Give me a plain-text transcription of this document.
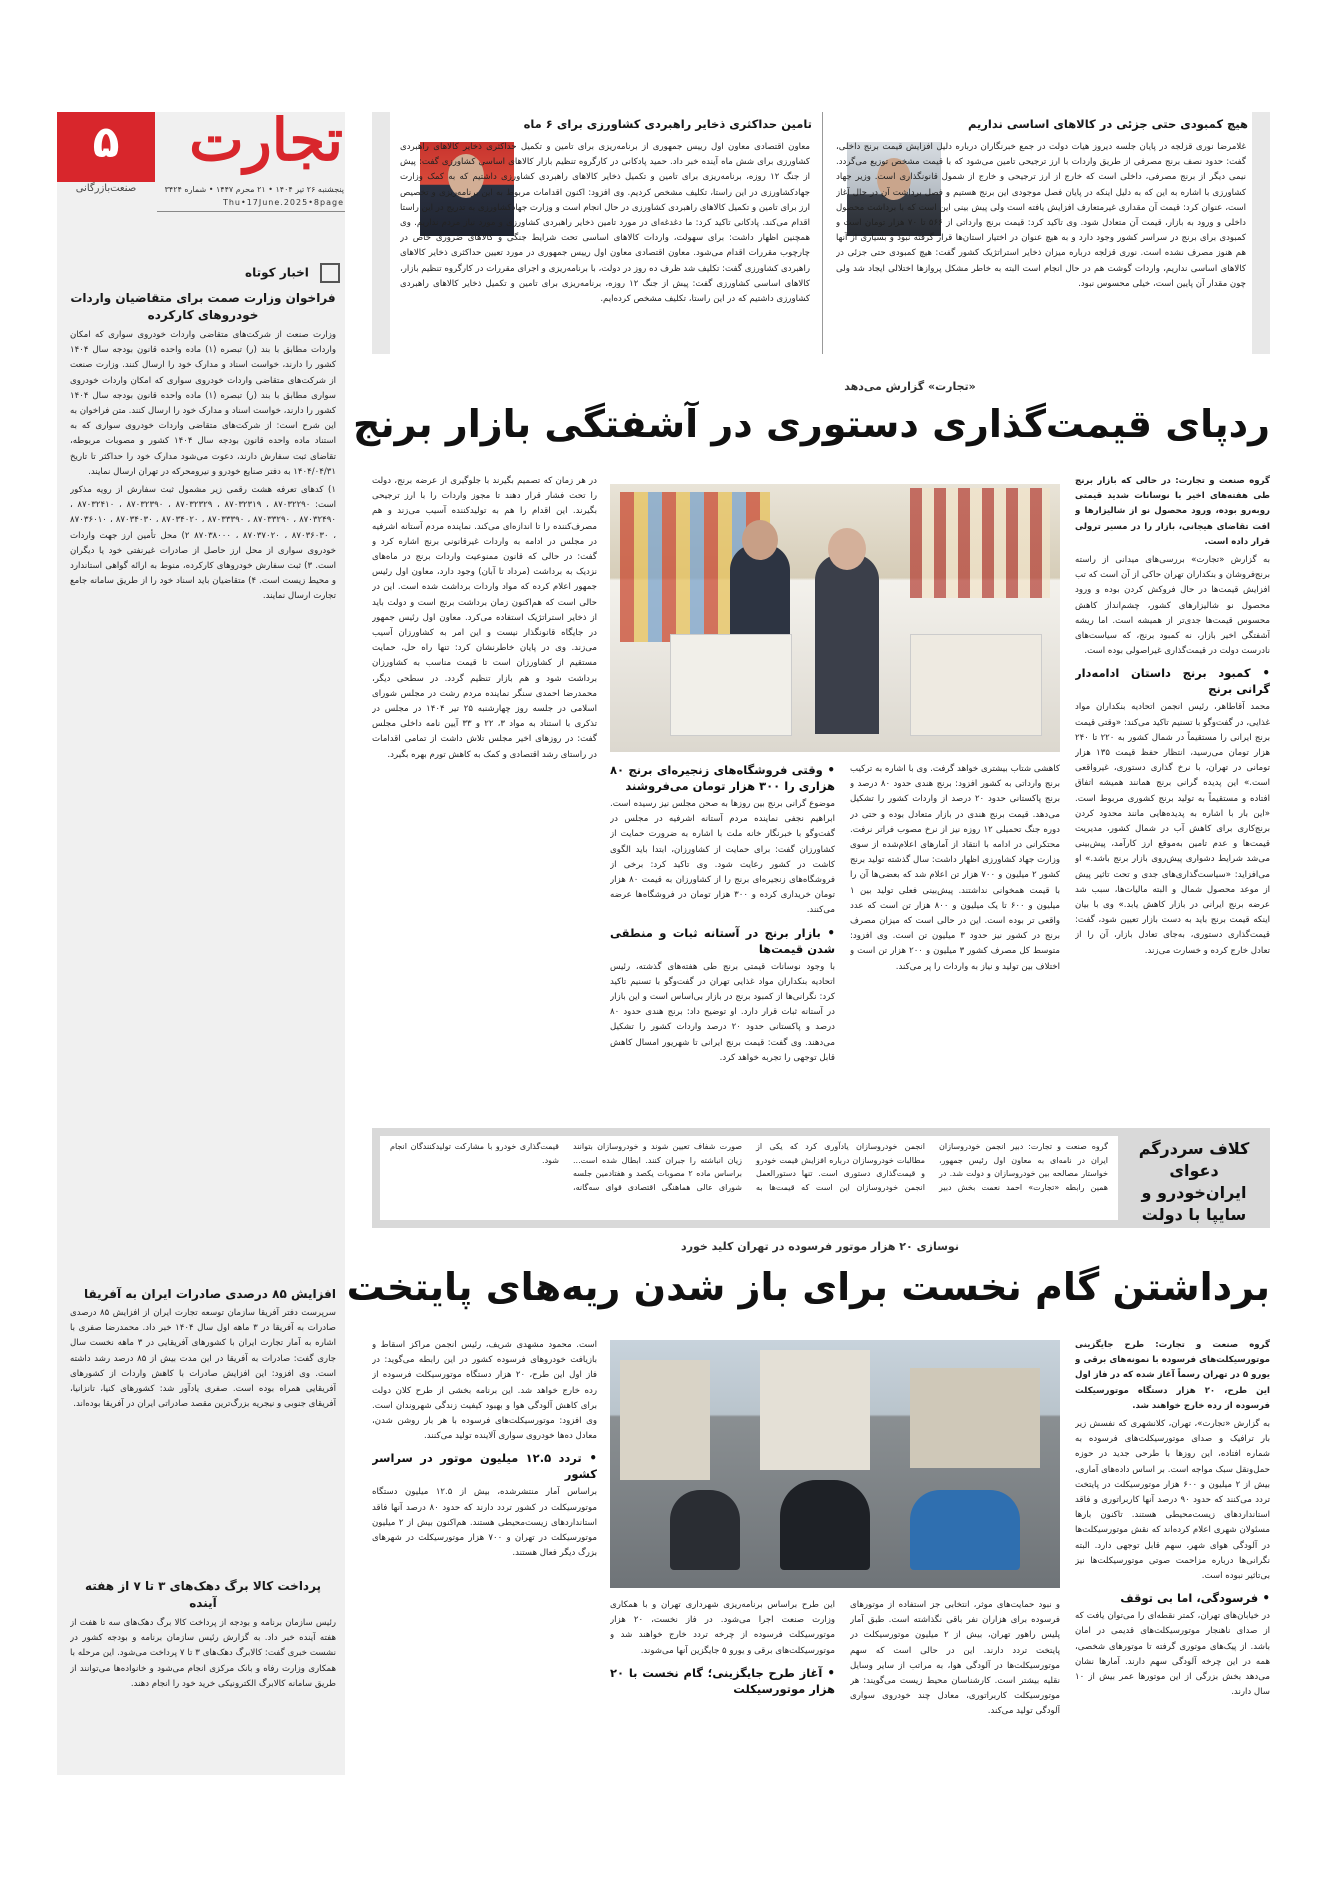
۵
صنعت‌بازرگانی
تجارت
پنجشنبه ۲۶ تیر ۱۴۰۴ • ۲۱ محرم ۱۴۴۷ • شماره ۳۴۲۴
Thu•17June.2025•8page
اخبار کوتاه
فراخوان وزارت صمت برای متقاضیان واردات خودروهای کارکرده

وزارت صنعت از شرکت‌های متقاضی واردات خودروی سواری که امکان واردات مطابق با بند (ر) تبصره (۱) ماده واحده قانون بودجه سال ۱۴۰۴ کشور را دارند، خواست اسناد و مدارک خود را ارسال کنند. وزارت صنعت از شرکت‌های متقاضی واردات خودروی سواری که امکان واردات خودروی سواری مطابق با بند (ر) تبصره (۱) ماده واحده قانون بودجه سال ۱۴۰۴ کشور را دارند، خواست اسناد و مدارک خود را ارسال کنند. متن فراخوان به این شرح است: از شرکت‌های متقاضی واردات خودروی سواری که به استناد ماده واحده قانون بودجه سال ۱۴۰۴ کشور و مصوبات مربوطه، تقاضای ثبت سفارش دارند، دعوت می‌شود مدارک خود را حداکثر تا تاریخ ۱۴۰۴/۰۴/۳۱ به دفتر صنایع خودرو و نیرومحرکه در تهران ارسال نمایند.

۱) کد‌های تعرفه هشت رقمی زیر مشمول ثبت سفارش از رویه مذکور است: ۸۷۰۳۲۲۹۰ ، ۸۷۰۳۲۳۱۹ ، ۸۷۰۳۲۳۲۹ ، ۸۷۰۳۲۳۹۰ ، ۸۷۰۳۲۴۱۰ ، ۸۷۰۳۲۴۹۰ ، ۸۷۰۳۳۲۹۰ ، ۸۷۰۳۳۳۹۰ ، ۸۷۰۳۴۰۲۰ ، ۸۷۰۳۴۰۳۰ ، ۸۷۰۳۶۰۱۰ ، ۸۷۰۳۶۰۳۰ ، ۸۷۰۳۷۰۲۰ ، ۸۷۰۳۸۰۰۰ ۲) محل تأمین ارز جهت واردات خودروی سواری از محل ارز حاصل از صادرات غیرنفتی خود یا دیگران است. ۳) ثبت سفارش خودروهای کارکرده، منوط به ارائه گواهی استاندارد و محیط زیست است. ۴) متقاضیان باید اسناد خود را از طریق سامانه جامع تجارت ارسال نمایند.

افزایش ۸۵ درصدی صادرات ایران به آفریقا
سرپرست دفتر آفریقا سازمان توسعه تجارت ایران از افزایش ۸۵ درصدی صادرات به آفریقا در ۳ ماهه اول سال ۱۴۰۴ خبر داد. محمدرضا صفری با اشاره به آمار تجارت ایران با کشورهای آفریقایی در ۳ ماهه نخست سال جاری گفت: صادرات به آفریقا در این مدت بیش از ۸۵ درصد رشد داشته است. وی افزود: این افزایش صادرات با کاهش واردات از کشورهای آفریقایی همراه بوده است. صفری یادآور شد: کشورهای کنیا، تانزانیا، آفریقای جنوبی و نیجریه بزرگ‌ترین مقصد صادراتی ایران در آفریقا بوده‌اند.
پرداخت کالا برگ دهک‌های ۳ تا ۷ از هفته آینده
رئیس سازمان برنامه و بودجه از پرداخت کالا برگ دهک‌های سه تا هفت از هفته آینده خبر داد. به گزارش رئیس سازمان برنامه و بودجه کشور در نشست خبری گفت: کالابرگ دهک‌های ۳ تا ۷ پرداخت می‌شود. این مرحله با همکاری وزارت رفاه و بانک مرکزی انجام می‌شود و خانواده‌ها می‌توانند از طریق سامانه کالابرگ الکترونیکی خرید خود را انجام دهند.
هیچ کمبودی حتی جزئی در کالاهای اساسی نداریم
غلامرضا نوری قزلجه در پایان جلسه دیروز هیات دولت در جمع خبرنگاران درباره دلیل افزایش قیمت برنج داخلی، گفت: حدود نصف برنج مصرفی از طریق واردات با ارز ترجیحی تامین می‌شود که با قیمت مشخص توزیع می‌گردد. نیمی دیگر از برنج مصرفی، داخلی است که خارج از ارز ترجیحی و خارج از شمول قانونگذاری است. وزیر جهاد کشاورزی با اشاره به این که به دلیل اینکه در پایان فصل موجودی این برنج هستیم و فصل برداشت آن در حال آغاز است، عنوان کرد: قیمت آن مقداری غیرمتعارف افزایش یافته است ولی پیش بینی این است که با برداشت محصول داخلی و ورود به بازار، قیمت آن متعادل شود. وی تاکید کرد: قیمت برنج وارداتی از ۵۶۶ تا ۷۰ هزار تومان است و کمبودی برای برنج در سراسر کشور وجود دارد و به هیچ عنوان در اختیار استان‌ها قرار گرفته نبود و بسیاری از آنها هم هنوز مصرف نشده است. نوری قزلجه درباره میزان ذخایر استراتژیک کشور گفت: هیچ کمبودی حتی جزئی در کالاهای اساسی نداریم، واردات گوشت هم در حال انجام است البته به خاطر مشکل پروازها اختلالی ایجاد شد ولی چون مقدار آن پایین است، خیلی محسوس نبود.
تامین حداکثری ذخایر راهبردی کشاورزی برای ۶ ماه
معاون اقتصادی معاون اول رییس جمهوری از برنامه‌ریزی برای تامین و تکمیل حداکثری ذخایر کالاهای راهبردی کشاورزی برای شش ماه آینده خبر داد. حمید پادکانی در کارگروه تنظیم بازار کالاهای اساسی کشاورزی گفت: پیش از جنگ ۱۲ روزه، برنامه‌ریزی برای تامین و تکمیل ذخایر کالاهای راهبردی کشاورزی داشتیم که به کمک وزارت جهادکشاورزی در این راستا، تکلیف مشخص کردیم. وی افزود: اکنون اقدامات مربوط به این برنامه‌ریزی و تخصیص ارز برای تامین و تکمیل کالاهای راهبردی کشاورزی در حال انجام است و وزارت جهادکشاورزی به تدریج در این راستا اقدام می‌کند. پادکانی تاکید کرد: ما دغدغه‌ای در مورد تامین ذخایر راهبردی کشاورزی و مورد نیاز مردم نداریم. وی همچنین اظهار داشت: برای سهولت، واردات کالاهای اساسی تحت شرایط جنگی و کالاهای ضروری خاص در چارچوب مقررات اقدام می‌شود. معاون اقتصادی معاون اول رییس جمهوری در مورد تعیین حداکثری ذخایر کالاهای راهبردی کشاورزی گفت: تکلیف شد ظرف ده روز در دولت، با برنامه‌ریزی و اجرای مقررات در کارگروه تنظیم بازار، کالاهای اساسی کشاورزی گفت: پیش از جنگ ۱۲ روزه، برنامه‌ریزی برای تامین و تکمیل ذخایر کالاهای راهبردی کشاورزی داشتیم که در این راستا، تکلیف مشخص کرده‌ایم.
«تجارت» گزارش می‌دهد
ردپای قیمت‌گذاری دستوری در آشفتگی بازار برنج

گروه صنعت و تجارت: در حالی که بازار برنج طی هفته‌های اخیر با نوسانات شدید قیمتی روبه‌رو بوده، ورود محصول نو از شالیزارها و افت تقاضای هیجانی، بازار را در مسیر ترولی قرار داده است.

به گزارش «تجارت» بررسی‌های میدانی از راسته برنج‌فروشان و بنکداران تهران حاکی از آن است که تب افزایش قیمت‌ها در حال فروکش کردن بوده و ورود محصول نو شالیزارهای کشور، چشم‌انداز کاهش محسوس قیمت‌ها جدی‌تر از همیشه است. اما ریشه آشفتگی اخیر بازار، نه کمبود برنج، که سیاست‌های نادرست دولت در قیمت‌گذاری غیراصولی بوده است.

• کمبود برنج داستان ادامه‌دار گرانی برنج

محمد آقاطاهر، رئیس انجمن اتحادیه بنکداران مواد غذایی، در گفت‌وگو با تسنیم تاکید می‌کند: «وقتی قیمت برنج ایرانی را مستقیماً در شمال کشور به ۲۲۰ تا ۲۴۰ هزار تومان می‌رسید، انتظار حفظ قیمت ۱۳۵ هزار تومانی در تهران، با نرخ گذاری دستوری، غیرواقعی است.» این پدیده گرانی برنج همانند همیشه اتفاق افتاده و مستقیماً به تولید برنج کشوری مربوط است. «این بار با اشاره به پدیده‌هایی مانند محدود کردن برنج‌کاری برای کاهش آب در شمال کشور، مدیریت قیمت‌ها و عدم تامین به‌موقع ارز کارآمد، پیش‌بینی می‌شد شرایط دشواری پیش‌روی بازار برنج باشد.» او می‌افزاید: «سیاست‌گذاری‌های جدی و تحت تاثیر پیش از موعد محصول شمال و البته مالیات‌ها، سبب شد عرضه برنج ایرانی در بازار کاهش یابد.» وی با بیان اینکه قیمت برنج باید به دست بازار تعیین شود، گفت: قیمت‌گذاری دستوری، به‌جای تعادل بازار، آن را از تعادل خارج کرده و خسارت می‌زند.

در هر زمان که تصمیم بگیرند با جلوگیری از عرضه برنج، دولت را تحت فشار قرار دهند تا مجوز واردات را با ارز ترجیحی بگیرند. این اقدام را هم به تولیدکننده آسیب می‌زند و هم مصرف‌کننده را تا اندازه‌ای می‌کند. نماینده مردم آستانه اشرفیه در مجلس در ادامه به واردات غیرقانونی برنج اشاره کرد و گفت: در حالی که قانون ممنوعیت واردات برنج در ماه‌های نزدیک به برداشت (مرداد تا آبان) وجود دارد، معاون اول رئیس جمهور اعلام کرده که مواد واردات برداشت شده است. این در حالی است که هم‌اکنون زمان برداشت برنج است و دولت باید از ذخایر استراتژیک استفاده می‌کرد. معاون اول رئیس جمهور در جایگاه قانونگذار نیست و این امر به کشاورزان آسیب می‌زند. وی در پایان خاطرنشان کرد: تنها راه حل، حمایت مستقیم از کشاورزان است تا قیمت مناسب به کشاورزان برداشت شود و هم بازار تنظیم گردد. در سطحی دیگر، محمدرضا احمدی سنگر نماینده مردم رشت در مجلس شورای اسلامی در جلسه روز چهارشنبه ۲۵ تیر ۱۴۰۴ در مجلس در تذکری با استناد به مواد ۳، ۲۲ و ۳۳ آیین نامه داخلی مجلس گفت: در روزهای اخیر مجلس تلاش داشت از تمامی اقدامات در راستای رشد اقتصادی و کمک به کاهش تورم بهره بگیرد.

کاهشی شتاب بیشتری خواهد گرفت. وی با اشاره به ترکیب برنج وارداتی به کشور افزود: برنج هندی حدود ۸۰ درصد و برنج پاکستانی حدود ۲۰ درصد از واردات کشور را تشکیل می‌دهد. قیمت برنج هندی در بازار متعادل بوده و حتی در دوره جنگ تحمیلی ۱۲ روزه نیز از نرخ مصوب فراتر نرفت. محتکرانی در ادامه با انتقاد از آمارهای اعلام‌شده از سوی وزارت جهاد کشاورزی اظهار داشت: سال گذشته تولید برنج کشور ۲ میلیون و ۷۰۰ هزار تن اعلام شد که بعضی‌ها آن را با قیمت همخوانی نداشتند. پیش‌بینی فعلی تولید بین ۱ میلیون و ۶۰۰ تا یک میلیون و ۸۰۰ هزار تن است که عدد واقعی تر بوده است. این در حالی است که میزان مصرف برنج در کشور نیز حدود ۳ میلیون تن است. وی افزود: متوسط کل مصرف کشور ۳ میلیون و ۲۰۰ هزار تن است و اختلاف بین تولید و نیاز به واردات را پر می‌کند.

• وقتی فروشگاه‌های زنجیره‌ای برنج ۸۰ هزاری را ۳۰۰ هزار تومان می‌فروشند

موضوع گرانی برنج بین روزها به صحن مجلس نیز رسیده است. ابراهیم نجفی نماینده مردم آستانه اشرفیه در مجلس در گفت‌وگو با خبرنگار خانه ملت با اشاره به ضرورت حمایت از کشاورزان گفت: برای حمایت از کشاورزان، ابتدا باید الگوی کاشت در کشور رعایت شود. وی تاکید کرد: برخی از فروشگاه‌های زنجیره‌ای برنج را از کشاورزان به قیمت ۸۰ هزار تومان خریداری کرده و ۳۰۰ هزار تومان در فروشگاه‌ها عرضه می‌کنند.

• بازار برنج در آستانه ثبات و منطقی شدن قیمت‌ها

با وجود نوسانات قیمتی برنج طی هفته‌های گذشته، رئیس اتحادیه بنکداران مواد غذایی تهران در گفت‌وگو با تسنیم تاکید کرد: نگرانی‌ها از کمبود برنج در بازار بی‌اساس است و این بازار در آستانه ثبات قرار دارد. او توضیح داد: برنج هندی حدود ۸۰ درصد و پاکستانی حدود ۲۰ درصد واردات کشور را تشکیل می‌دهند. وی گفت: قیمت برنج ایرانی تا شهریور امسال کاهش قابل توجهی را تجربه خواهد کرد.

کلاف سردرگم دعوای ایران‌خودرو و سایپا با دولت
گروه صنعت و تجارت: دبیر انجمن خودروسازان ایران در نامه‌ای به معاون اول رئیس جمهور، خواستار مصالحه بین خودروسازان و دولت شد. در همین رابطه «تجارت» احمد نعمت بخش دبیر انجمن خودروسازان یادآوری کرد که یکی از مطالبات خودروسازان درباره افزایش قیمت خودرو و قیمت‌گذاری دستوری است. تنها دستورالعمل انجمن خودروسازان این است که قیمت‌ها به صورت شفاف تعیین شوند و خودروسازان بتوانند زیان انباشته را جبران کنند. ابطال شده است... براساس ماده ۲ مصوبات یکصد و هفتادمین جلسه شورای عالی هماهنگی اقتصادی قوای سه‌گانه، قیمت‌گذاری خودرو با مشارکت تولیدکنندگان انجام شود.
نوسازی ۲۰ هزار موتور فرسوده در تهران کلید خورد
برداشتن گام نخست برای باز شدن ریه‌های پایتخت

گروه صنعت و تجارت: طرح جایگزینی موتورسیکلت‌های فرسوده با نمونه‌های برقی و یورو ۵ در تهران رسماً آغاز شده که در فاز اول این طرح، ۲۰ هزار دستگاه موتورسیکلت فرسوده از رده خارج خواهند شد.

به گزارش «تجارت»، تهران، کلانشهری که نفسش زیر بار ترافیک و صدای موتورسیکلت‌های فرسوده به شماره افتاده، این روزها با طرحی جدید در حوزه حمل‌ونقل سبک مواجه است. بر اساس داده‌های آماری، بیش از ۲ میلیون و ۶۰۰ هزار موتورسیکلت در پایتخت تردد می‌کنند که حدود ۹۰ درصد آنها کاربراتوری و فاقد استانداردهای زیست‌محیطی هستند. تاکنون بارها مسئولان شهری اعلام کرده‌اند که نقش موتورسیکلت‌ها در آلودگی هوای شهر، سهم قابل توجهی دارد. البته نگرانی‌ها درباره مزاحمت صوتی موتورسیکلت‌ها نیز بی‌تاثیر نبوده است.

• فرسودگی، اما بی توقف

در خیابان‌های تهران، کمتر نقطه‌ای را می‌توان یافت که از صدای ناهنجار موتورسیکلت‌های قدیمی در امان باشد. از پیک‌های موتوری گرفته تا موتورهای شخصی، همه در این چرخه آلودگی سهم دارند. آمارها نشان می‌دهد بخش بزرگی از این موتورها عمر بیش از ۱۰ سال دارند.

و نبود حمایت‌های موثر، انتخابی جز استفاده از موتورهای فرسوده برای هزاران نفر باقی نگذاشته است. طبق آمار پلیس راهور تهران، بیش از ۲ میلیون موتورسیکلت در پایتخت تردد دارند. این در حالی است که سهم موتورسیکلت‌ها در آلودگی هوا، به مراتب از سایر وسایل نقلیه بیشتر است. کارشناسان محیط زیست می‌گویند: هر موتورسیکلت کاربراتوری، معادل چند خودروی سواری آلودگی تولید می‌کند.

این طرح براساس برنامه‌ریزی شهرداری تهران و با همکاری وزارت صنعت اجرا می‌شود. در فاز نخست، ۲۰ هزار موتورسیکلت فرسوده از چرخه تردد خارج خواهند شد و موتورسیکلت‌های برقی و یورو ۵ جایگزین آنها می‌شوند.

• آغاز طرح جایگزینی؛ گام نخست با ۲۰ هزار موتورسیکلت

است. محمود مشهدی شریف، رئیس انجمن مراکز اسقاط و بازیافت خودروهای فرسوده کشور در این رابطه می‌گوید: در فاز اول این طرح، ۲۰ هزار دستگاه موتورسیکلت فرسوده از رده خارج خواهد شد. این برنامه بخشی از طرح کلان دولت برای کاهش آلودگی هوا و بهبود کیفیت زندگی شهروندان است. وی افزود: موتورسیکلت‌های فرسوده با هر بار روشن شدن، معادل ده‌ها خودروی سواری آلاینده تولید می‌کنند.

• تردد ۱۲.۵ میلیون موتور در سراسر کشور

براساس آمار منتشرشده، بیش از ۱۲.۵ میلیون دستگاه موتورسیکلت در کشور تردد دارند که حدود ۸۰ درصد آنها فاقد استانداردهای زیست‌محیطی هستند. هم‌اکنون بیش از ۲ میلیون موتورسیکلت در تهران و ۷۰۰ هزار موتورسیکلت در شهرهای بزرگ دیگر فعال هستند.
